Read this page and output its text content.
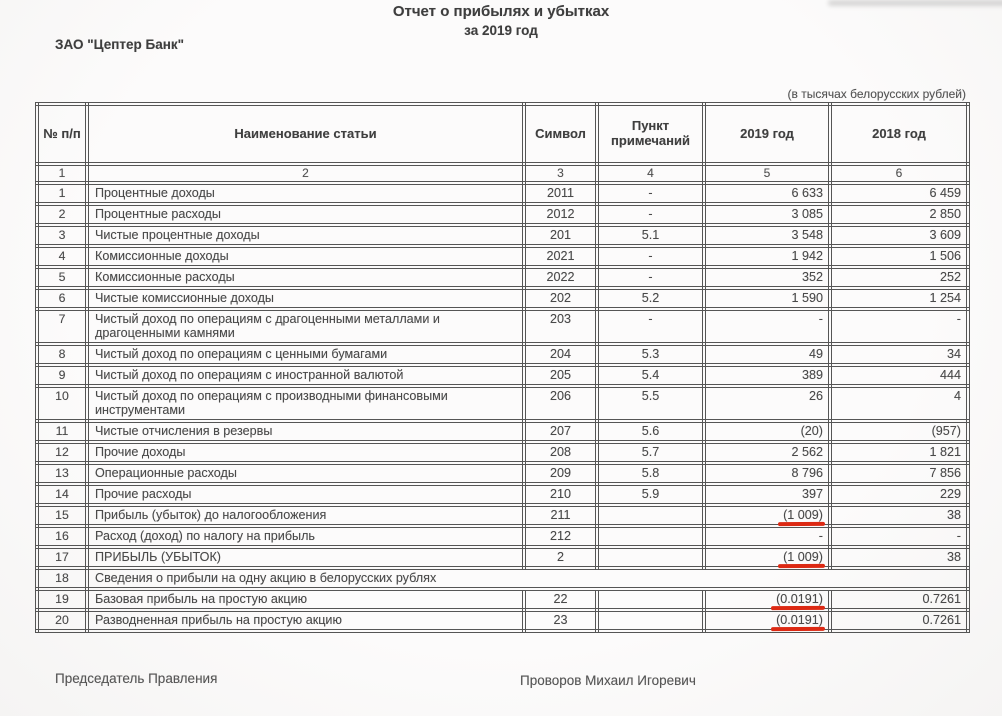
Отчет о прибылях и убытках
за 2019 год
ЗАО "Цептер Банк"
(в тысячах белорусских рублей)
№ п/п	Наименование статьи	Символ	Пункт примечаний	2019 год	2018 год
1	2	3	4	5	6
1	Процентные доходы	2011	-	6 633	6 459
2	Процентные расходы	2012	-	3 085	2 850
3	Чистые процентные доходы	201	5.1	3 548	3 609
4	Комиссионные доходы	2021	-	1 942	1 506
5	Комиссионные расходы	2022	-	352	252
6	Чистые комиссионные доходы	202	5.2	1 590	1 254
7	Чистый доход по операциям с драгоценными металлами и драгоценными камнями	203	-	-	-
8	Чистый доход по операциям с ценными бумагами	204	5.3	49	34
9	Чистый доход по операциям с иностранной валютой	205	5.4	389	444
10	Чистый доход по операциям с производными финансовыми инструментами	206	5.5	26	4
11	Чистые отчисления в резервы	207	5.6	(20)	(957)
12	Прочие доходы	208	5.7	2 562	1 821
13	Операционные расходы	209	5.8	8 796	7 856
14	Прочие расходы	210	5.9	397	229
15	Прибыль (убыток) до налогообложения	211		(1 009)	38
16	Расход (доход) по налогу на прибыль	212		-	-
17	ПРИБЫЛЬ (УБЫТОК)	2		(1 009)	38
18	Сведения о прибыли на одну акцию в белорусских рублях				
19	Базовая прибыль на простую акцию	22		(0.0191)	0.7261
20	Разводненная прибыль на простую акцию	23		(0.0191)	0.7261
Председатель Правления	Проворов Михаил Игоревич
